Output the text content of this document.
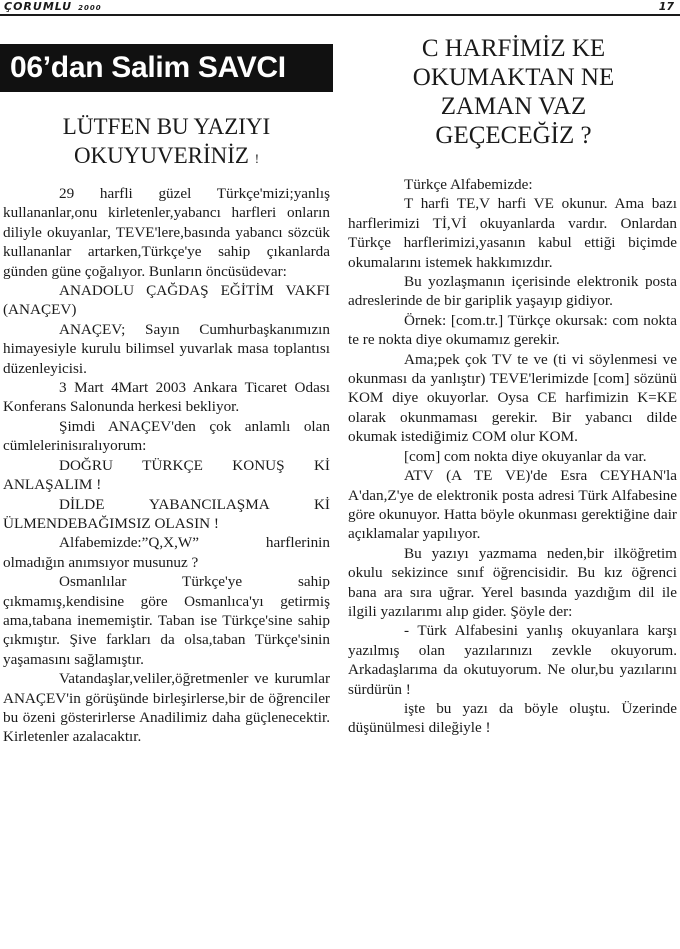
ÇORUMLU 2000	17
06’dan Salim SAVCI
LÜTFEN BU YAZIYI
OKUYUVERİNİZ !

29 harfli güzel Türkçe'mizi;yanlış kullananlar,onu kirletenler,yabancı harfleri onların diliyle okuyanlar, TEVE'lere,basında yabancı sözcük kullananlar artarken,Türkçe'ye sahip çıkanlarda günden güne çoğalıyor. Bunların öncüsüdevar:

ANADOLU ÇAĞDAŞ EĞİTİM VAKFI (ANAÇEV)

ANAÇEV; Sayın Cumhurbaşkanımızın himayesiyle kurulu bilimsel yuvarlak masa toplantısı düzenleyicisi.

3 Mart 4Mart 2003 Ankara Ticaret Odası Konferans Salonunda herkesi bekliyor.

Şimdi ANAÇEV'den çok anlamlı olan cümlelerinisıralıyorum:

DOĞRU TÜRKÇE KONUŞ Kİ ANLAŞALIM !

DİLDE YABANCILAŞMA Kİ ÜLMENDEBAĞIMSIZ OLASIN !

Alfabemizde:”Q,X,W” harflerinin olmadığın anımsıyor musunuz ?

Osmanlılar Türkçe'ye sahip çıkmamış,kendisine göre Osmanlıca'yı getirmiş ama,tabana inememiştir. Taban ise Türkçe'sine sahip çıkmıştır. Şive farkları da olsa,taban Türkçe'sinin yaşamasını sağlamıştır.

Vatandaşlar,veliler,öğretmenler ve kurumlar ANAÇEV'in görüşünde birleşirlerse,bir de öğrenciler bu özeni gösterirlerse Anadilimiz daha güçlenecektir. Kirletenler azalacaktır.

C HARFİMİZ KE
OKUMAKTAN NE
ZAMAN VAZ
GEÇECEĞİZ ?

Türkçe Alfabemizde:

T harfi TE,V harfi VE okunur. Ama bazı harflerimizi Tİ,Vİ okuyanlarda vardır. Onlardan Türkçe harflerimizi,yasanın kabul ettiği biçimde okumalarını istemek hakkımızdır.

Bu yozlaşmanın içerisinde elektronik posta adreslerinde de bir gariplik yaşayıp gidiyor.

Örnek: [com.tr.] Türkçe okursak: com nokta te re nokta diye okumamız gerekir.

Ama;pek çok TV te ve (ti vi söylenmesi ve okunması da yanlıştır) TEVE'lerimizde [com] sözünü KOM diye okuyorlar. Oysa CE harfimizin K=KE olarak okunmaması gerekir. Bir yabancı dilde okumak istediğimiz COM olur KOM.

[com] com nokta diye okuyanlar da var.

ATV (A TE VE)'de Esra CEYHAN'la A'dan,Z'ye de elektronik posta adresi Türk Alfabesine göre okunuyor. Hatta böyle okunması gerektiğine dair açıklamalar yapılıyor.

Bu yazıyı yazmama neden,bir ilköğretim okulu sekizince sınıf öğrencisidir. Bu kız öğrenci bana ara sıra uğrar. Yerel basında yazdığım dil ile ilgili yazılarımı alıp gider. Şöyle der:

- Türk Alfabesini yanlış okuyanlara karşı yazılmış olan yazılarınızı zevkle okuyorum. Arkadaşlarıma da okutuyorum. Ne olur,bu yazılarını sürdürün !

işte bu yazı da böyle oluştu. Üzerinde düşünülmesi dileğiyle !
